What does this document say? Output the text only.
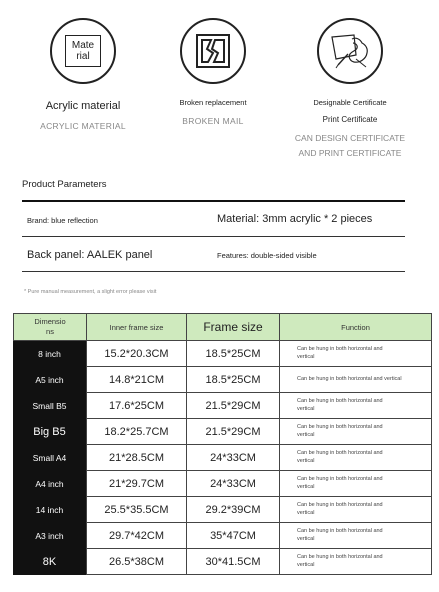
Mate
rial
Acrylic material
ACRYLIC MATERIAL
Broken replacement
BROKEN MAIL
Designable Certificate
Print Certificate
CAN DESIGN CERTIFICATE
AND PRINT CERTIFICATE
Product Parameters
Brand: blue reflection	Material: 3mm acrylic * 2 pieces
Back panel: AALEK panel	Features: double-sided visible
* Pure manual measurement, a slight error please visit
Dimensio
ns	Inner frame size	Frame size	Function
8 inch	15.2*20.3CM	18.5*25CM	Can be hung in both horizontal and
vertical
A5 inch	14.8*21CM	18.5*25CM	Can be hung in both horizontal and vertical
Small B5	17.6*25CM	21.5*29CM	Can be hung in both horizontal and
vertical
Big B5	18.2*25.7CM	21.5*29CM	Can be hung in both horizontal and
vertical
Small A4	21*28.5CM	24*33CM	Can be hung in both horizontal and
vertical
A4 inch	21*29.7CM	24*33CM	Can be hung in both horizontal and
vertical
14 inch	25.5*35.5CM	29.2*39CM	Can be hung in both horizontal and
vertical
A3 inch	29.7*42CM	35*47CM	Can be hung in both horizontal and
vertical
8K	26.5*38CM	30*41.5CM	Can be hung in both horizontal and
vertical
